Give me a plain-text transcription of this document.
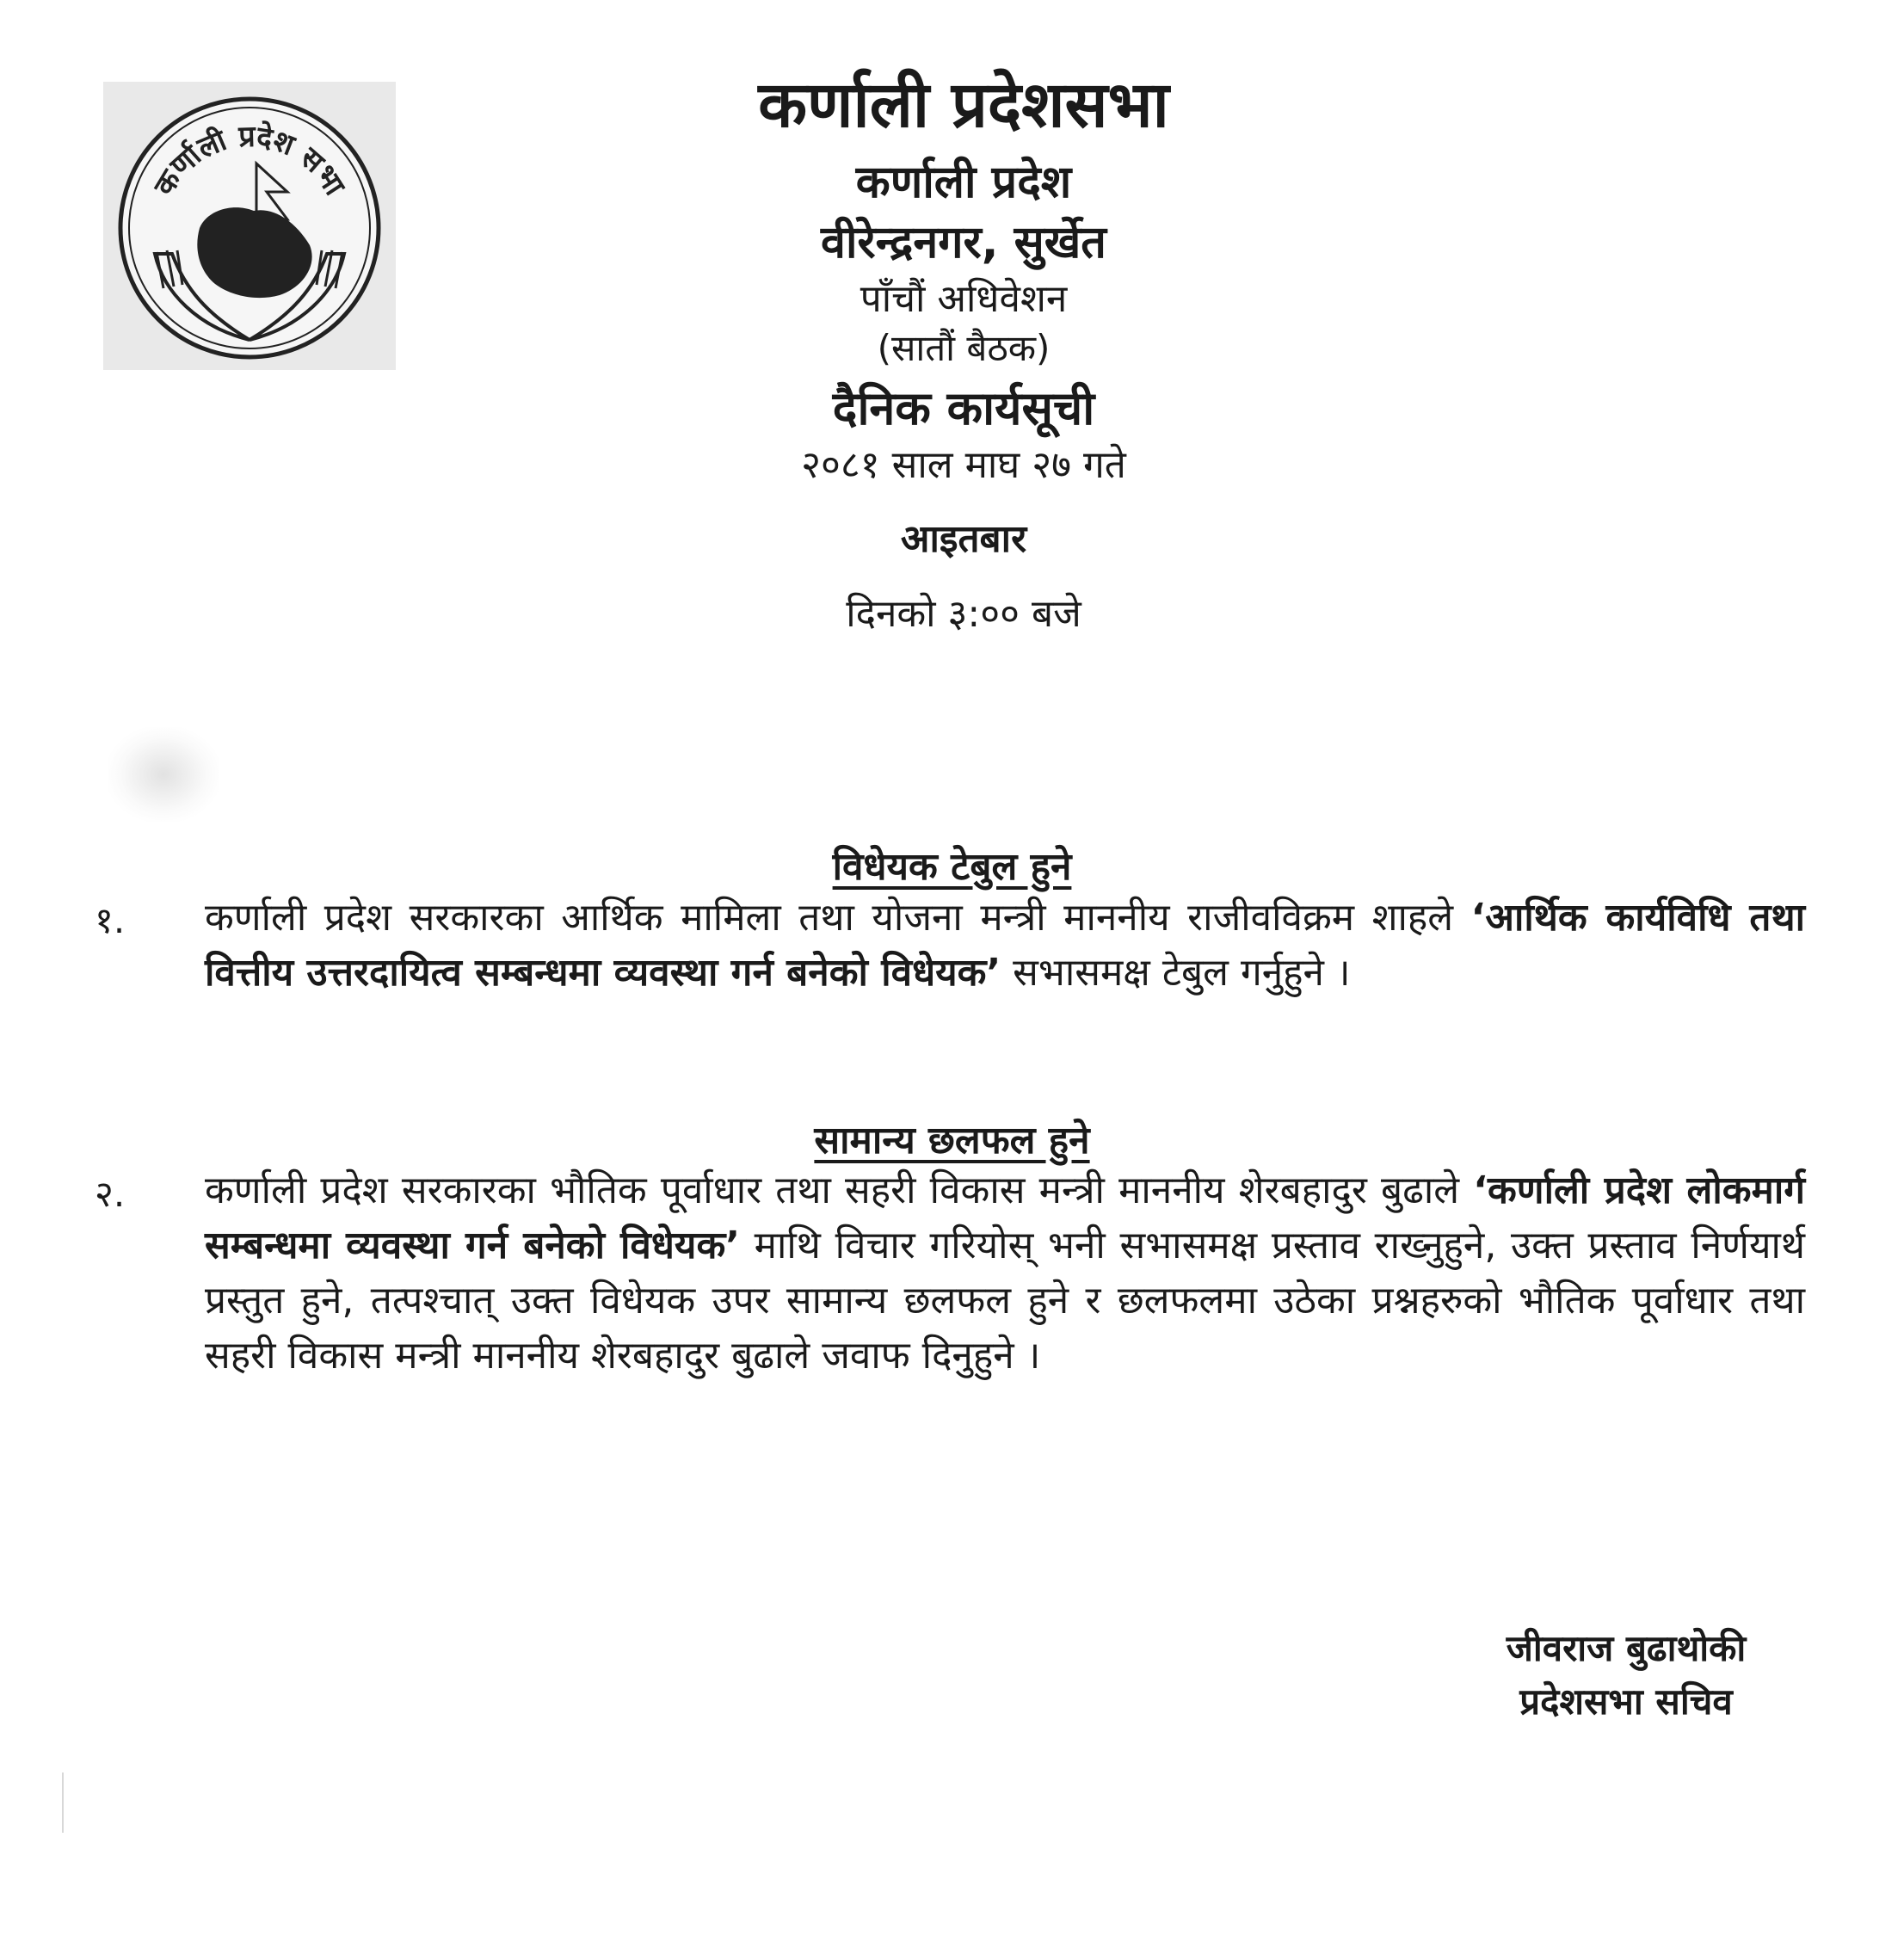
कर्णाली प्रदेश सभा
कर्णाली प्रदेशसभा
कर्णाली प्रदेश
वीरेन्द्रनगर, सुर्खेत
पाँचौं अधिवेशन
(सातौं बैठक)
दैनिक कार्यसूची
२०८१ साल माघ २७ गते
आइतबार
दिनको ३:०० बजे
विधेयक टेबुल हुने
१. कर्णाली प्रदेश सरकारका आर्थिक मामिला तथा योजना मन्त्री माननीय राजीवविक्रम शाहले ‘आर्थिक कार्यविधि तथा वित्तीय उत्तरदायित्व सम्बन्धमा व्यवस्था गर्न बनेको विधेयक’ सभासमक्ष टेबुल गर्नुहुने ।
सामान्य छलफल हुने
२. कर्णाली प्रदेश सरकारका भौतिक पूर्वाधार तथा सहरी विकास मन्त्री माननीय शेरबहादुर बुढाले ‘कर्णाली प्रदेश लोकमार्ग सम्बन्धमा व्यवस्था गर्न बनेको विधेयक’ माथि विचार गरियोस् भनी सभासमक्ष प्रस्ताव राख्नुहुने, उक्त प्रस्ताव निर्णयार्थ प्रस्तुत हुने, तत्पश्चात् उक्त विधेयक उपर सामान्य छलफल हुने र छलफलमा उठेका प्रश्नहरुको भौतिक पूर्वाधार तथा सहरी विकास मन्त्री माननीय शेरबहादुर बुढाले जवाफ दिनुहुने ।
जीवराज बुढाथोकी
प्रदेशसभा सचिव
